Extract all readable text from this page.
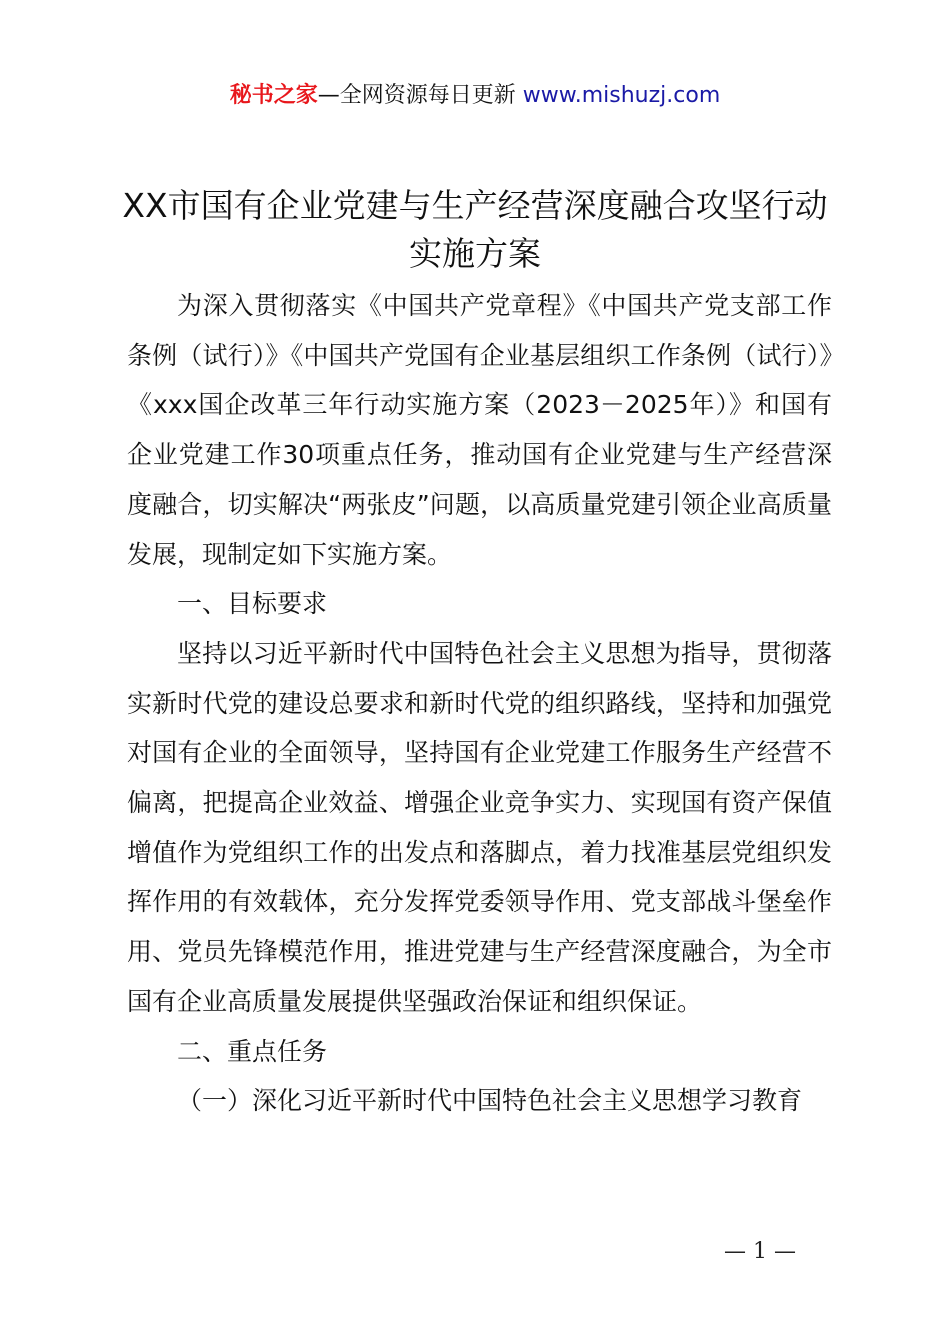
秘书之家—全网资源每日更新 www.mishuzj.com
XX市国有企业党建与生产经营深度融合攻坚行动实施方案

为深入贯彻落实《中国共产党章程》《中国共产党支部工作条例（试行）》《中国共产党国有企业基层组织工作条例（试行）》《xxx国企改革三年行动实施方案（2023－2025年）》和国有企业党建工作30项重点任务，推动国有企业党建与生产经营深度融合，切实解决“两张皮”问题，以高质量党建引领企业高质量发展，现制定如下实施方案。

一、目标要求

坚持以习近平新时代中国特色社会主义思想为指导，贯彻落实新时代党的建设总要求和新时代党的组织路线，坚持和加强党对国有企业的全面领导，坚持国有企业党建工作服务生产经营不偏离，把提高企业效益、增强企业竞争实力、实现国有资产保值增值作为党组织工作的出发点和落脚点，着力找准基层党组织发挥作用的有效载体，充分发挥党委领导作用、党支部战斗堡垒作用、党员先锋模范作用，推进党建与生产经营深度融合，为全市国有企业高质量发展提供坚强政治保证和组织保证。

二、重点任务

（一）深化习近平新时代中国特色社会主义思想学习教育

— 1 —
